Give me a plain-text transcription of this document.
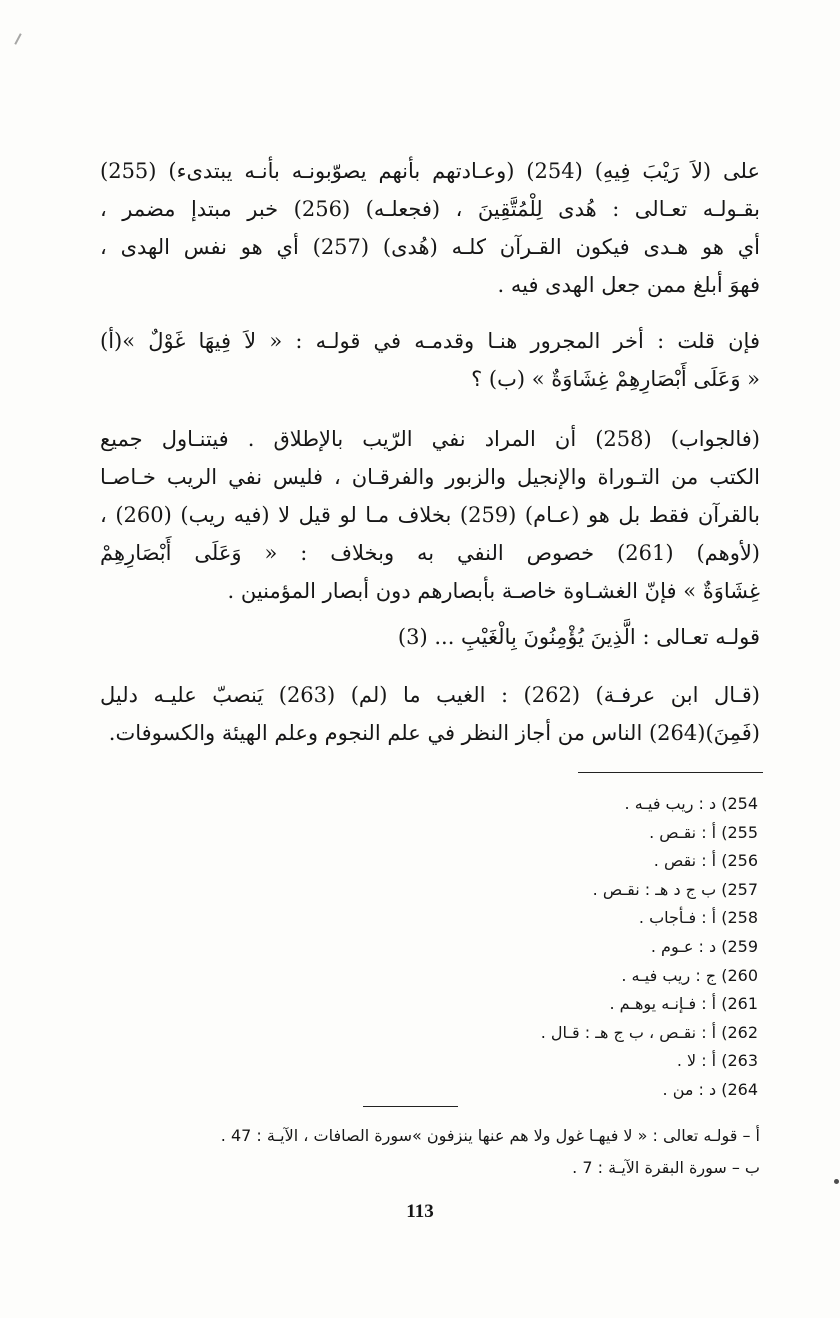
على (لاَ رَيْبَ فِيهِ) (254) (وعـادتهم بأنهم يصوّبونـه بأنـه يبتدىء) (255)
بقـولـه تعـالى : هُدى لِلْمُتَّقِينَ ، (فجعلـه) (256) خبر مبتدإ مضمر ،
أي هو هـدى فيكون القـرآن كلـه (هُدى) (257) أي هو نفس الهدى ،
فهوَ أبلغ ممن جعل الهدى فيه .
فإن قلت : أخر المجرور هنـا وقدمـه في قولـه : « لاَ فِيهَا غَوْلٌ »(أ)
« وَعَلَى أَبْصَارِهِمْ غِشَاوَةٌ » (ب) ؟
(فالجواب) (258) أن المراد نفي الرّيب بالإطلاق . فيتنـاول جميع
الكتب من التـوراة والإنجيل والزبور والفرقـان ، فليس نفي الريب خـاصـا
بالقرآن فقط بل هو (عـام) (259) بخلاف مـا لو قيل لا (فيه ريب) (260) ،
(لأوهم) (261) خصوص النفي به وبخلاف : « وَعَلَى أَبْصَارِهِمْ
غِشَاوَةٌ » فإنّ الغشـاوة خاصـة بأبصارهم دون أبصار المؤمنين .
قولـه تعـالى : الَّذِينَ يُؤْمِنُونَ بِالْغَيْبِ ... (3)
(قـال ابن عرفـة) (262) : الغيب ما (لم) (263) يَنصبّ عليـه دليل
(فَمِنَ)(264) الناس من أجاز النظر في علم النجوم وعلم الهيئة والكسوفات.
254) د : ريب فيـه .
255) أ : نقـص .
256) أ : نقص .
257) ب ج د هـ : نقـص .
258) أ : فـأجاب .
259) د : عـوم .
260) ج : ريب فيـه .
261) أ : فـإنـه يوهـم .
262) أ : نقـص ، ب ج هـ : قـال .
263) أ : لا .
264) د : من .
أ – قولـه تعالى : « لا فيهـا غول ولا هم عنها ينزفون »سورة الصافات ، الآيـة : 47 .
ب – سورة البقرة الآيـة : 7 .
113
